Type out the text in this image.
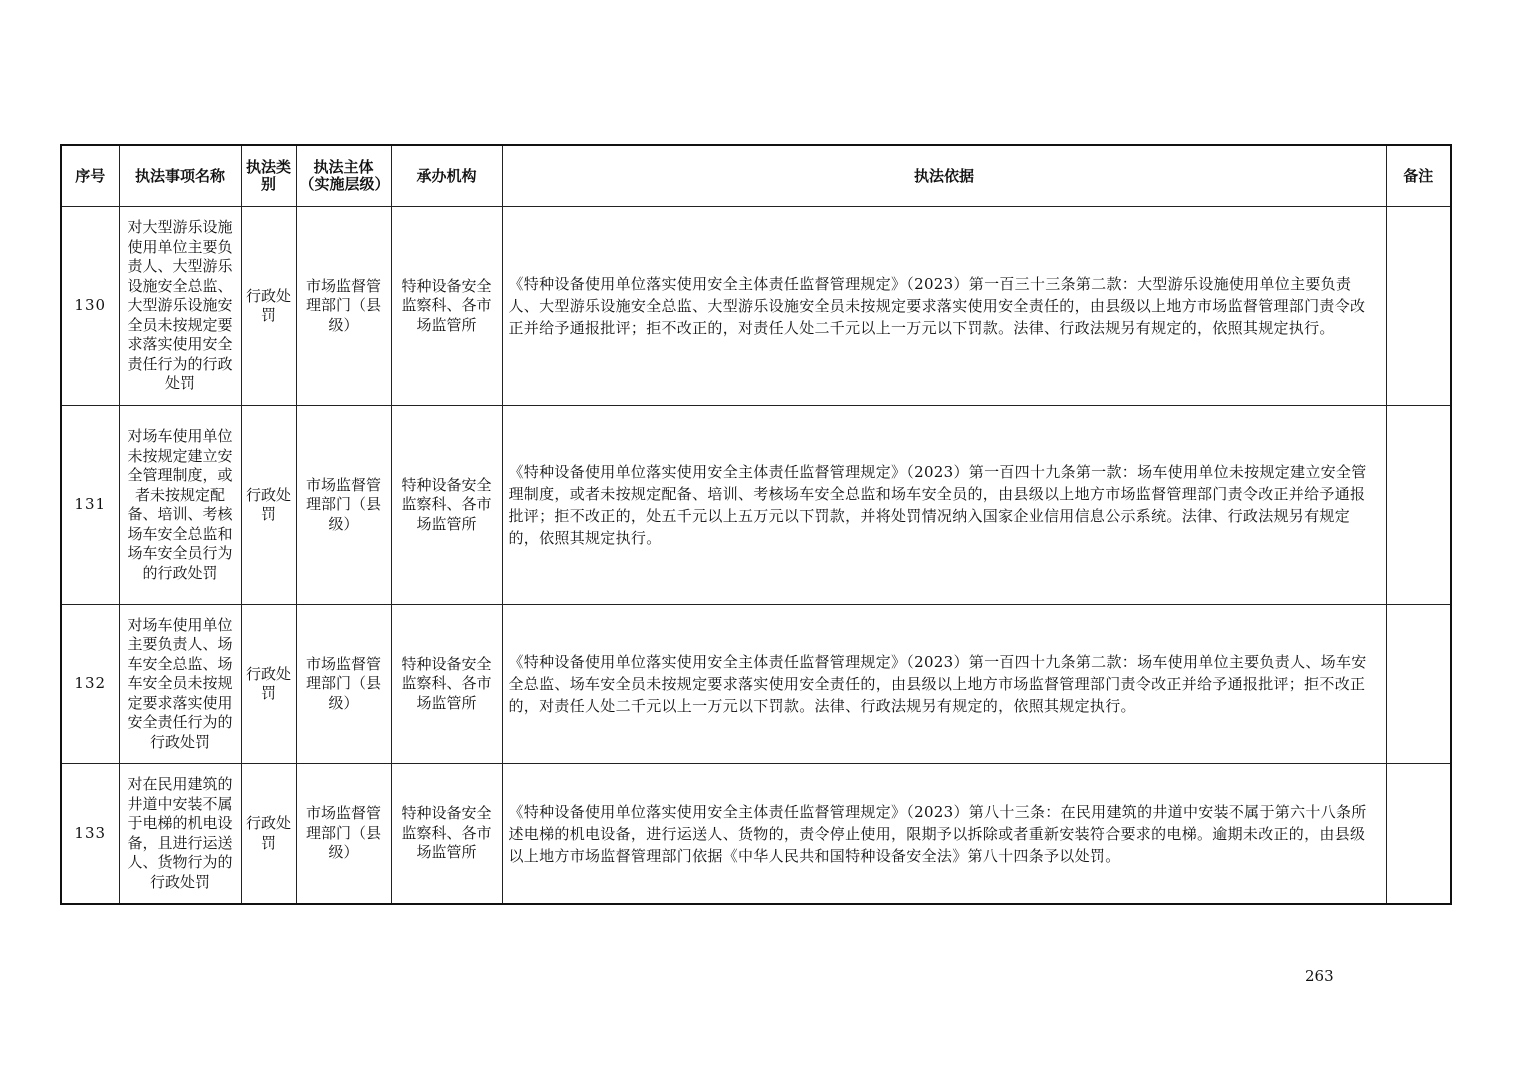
序号	执法事项名称	执法类别	执法主体（实施层级）	承办机构	执法依据	备注
130	对大型游乐设施使用单位主要负责人、大型游乐设施安全总监、大型游乐设施安全员未按规定要求落实使用安全责任行为的行政处罚	行政处罚	市场监督管理部门（县级）	特种设备安全监察科、各市场监管所	《特种设备使用单位落实使用安全主体责任监督管理规定》（2023）第一百三十三条第二款：大型游乐设施使用单位主要负责人、大型游乐设施安全总监、大型游乐设施安全员未按规定要求落实使用安全责任的，由县级以上地方市场监督管理部门责令改正并给予通报批评；拒不改正的，对责任人处二千元以上一万元以下罚款。法律、行政法规另有规定的，依照其规定执行。	
131	对场车使用单位未按规定建立安全管理制度，或者未按规定配备、培训、考核场车安全总监和场车安全员行为的行政处罚	行政处罚	市场监督管理部门（县级）	特种设备安全监察科、各市场监管所	《特种设备使用单位落实使用安全主体责任监督管理规定》（2023）第一百四十九条第一款：场车使用单位未按规定建立安全管理制度，或者未按规定配备、培训、考核场车安全总监和场车安全员的，由县级以上地方市场监督管理部门责令改正并给予通报批评；拒不改正的，处五千元以上五万元以下罚款，并将处罚情况纳入国家企业信用信息公示系统。法律、行政法规另有规定的，依照其规定执行。	
132	对场车使用单位主要负责人、场车安全总监、场车安全员未按规定要求落实使用安全责任行为的行政处罚	行政处罚	市场监督管理部门（县级）	特种设备安全监察科、各市场监管所	《特种设备使用单位落实使用安全主体责任监督管理规定》（2023）第一百四十九条第二款：场车使用单位主要负责人、场车安全总监、场车安全员未按规定要求落实使用安全责任的，由县级以上地方市场监督管理部门责令改正并给予通报批评；拒不改正的，对责任人处二千元以上一万元以下罚款。法律、行政法规另有规定的，依照其规定执行。	
133	对在民用建筑的井道中安装不属于电梯的机电设备，且进行运送人、货物行为的行政处罚	行政处罚	市场监督管理部门（县级）	特种设备安全监察科、各市场监管所	《特种设备使用单位落实使用安全主体责任监督管理规定》（2023）第八十三条：在民用建筑的井道中安装不属于第六十八条所述电梯的机电设备，进行运送人、货物的，责令停止使用，限期予以拆除或者重新安装符合要求的电梯。逾期未改正的，由县级以上地方市场监督管理部门依据《中华人民共和国特种设备安全法》第八十四条予以处罚。	
263
